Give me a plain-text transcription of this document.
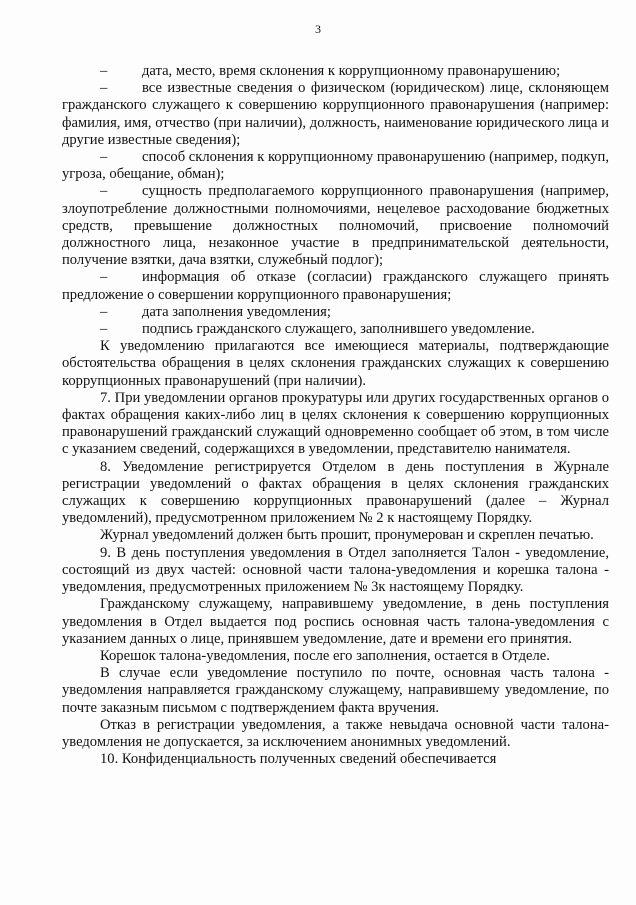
3

– дата, место, время склонения к коррупционному правонарушению;

– все известные сведения о физическом (юридическом) лице, склоняющем гражданского служащего к совершению коррупционного правонарушения (например: фамилия, имя, отчество (при наличии), должность, наименование юридического лица и другие известные сведения);

– способ склонения к коррупционному правонарушению (например, подкуп, угроза, обещание, обман);

– сущность предполагаемого коррупционного правонарушения (например, злоупотребление должностными полномочиями, нецелевое расходование бюджетных средств, превышение должностных полномочий, присвоение полномочий должностного лица, незаконное участие в предпринимательской деятельности, получение взятки, дача взятки, служебный подлог);

– информация об отказе (согласии) гражданского служащего принять предложение о совершении коррупционного правонарушения;

– дата заполнения уведомления;

– подпись гражданского служащего, заполнившего уведомление.

К уведомлению прилагаются все имеющиеся материалы, подтверждающие обстоятельства обращения в целях склонения гражданских служащих к совершению коррупционных правонарушений (при наличии).

7. При уведомлении органов прокуратуры или других государственных органов о фактах обращения каких-либо лиц в целях склонения к совершению коррупционных правонарушений гражданский служащий одновременно сообщает об этом, в том числе с указанием сведений, содержащихся в уведомлении, представителю нанимателя.

8. Уведомление регистрируется Отделом в день поступления в Журнале регистрации уведомлений о фактах обращения в целях склонения гражданских служащих к совершению коррупционных правонарушений (далее – Журнал уведомлений), предусмотренном приложением № 2 к настоящему Порядку.

Журнал уведомлений должен быть прошит, пронумерован и скреплен печатью.

9. В день поступления уведомления в Отдел заполняется Талон - уведомление, состоящий из двух частей: основной части талона-уведомления и корешка талона - уведомления, предусмотренных приложением № 3к настоящему Порядку.

Гражданскому служащему, направившему уведомление, в день поступления уведомления в Отдел выдается под роспись основная часть талона-уведомления с указанием данных о лице, принявшем уведомление, дате и времени его принятия.

Корешок талона-уведомления, после его заполнения, остается в Отделе.

В случае если уведомление поступило по почте, основная часть талона - уведомления направляется гражданскому служащему, направившему уведомление, по почте заказным письмом с подтверждением факта вручения.

Отказ в регистрации уведомления, а также невыдача основной части талона-уведомления не допускается, за исключением анонимных уведомлений.

10. Конфиденциальность полученных сведений обеспечивается
